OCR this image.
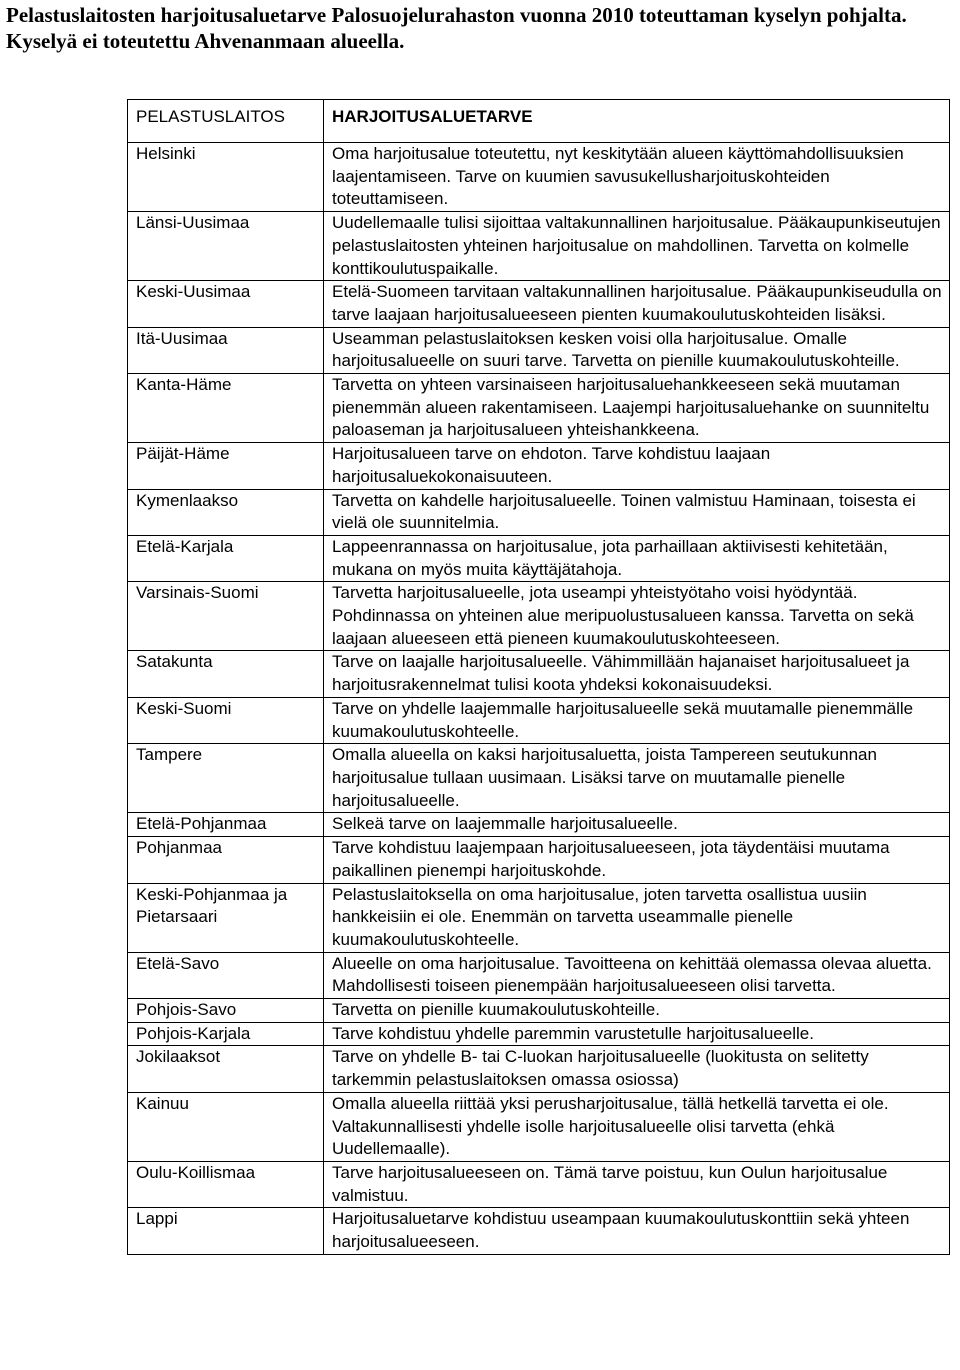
Pelastuslaitosten harjoitusaluetarve Palosuojelurahaston vuonna 2010 toteuttaman kyselyn pohjalta. Kyselyä ei toteutettu Ahvenanmaan alueella.
PELASTUSLAITOS	HARJOITUSALUETARVE
Helsinki	Oma harjoitusalue toteutettu, nyt keskitytään alueen käyttömahdollisuuksien laajentamiseen. Tarve on kuumien savusukellusharjoituskohteiden toteuttamiseen.
Länsi-Uusimaa	Uudellemaalle tulisi sijoittaa valtakunnallinen harjoitusalue. Pääkaupunkiseutujen pelastuslaitosten yhteinen harjoitusalue on mahdollinen. Tarvetta on kolmelle konttikoulutuspaikalle.
Keski-Uusimaa	Etelä-Suomeen tarvitaan valtakunnallinen harjoitusalue. Pääkaupunkiseudulla on tarve laajaan harjoitusalueeseen pienten kuumakoulutuskohteiden lisäksi.
Itä-Uusimaa	Useamman pelastuslaitoksen kesken voisi olla harjoitusalue. Omalle harjoitusalueelle on suuri tarve. Tarvetta on pienille kuumakoulutuskohteille.
Kanta-Häme	Tarvetta on yhteen varsinaiseen harjoitusaluehankkeeseen sekä muutaman pienemmän alueen rakentamiseen. Laajempi harjoitusaluehanke on suunniteltu paloaseman ja harjoitusalueen yhteishankkeena.
Päijät-Häme	Harjoitusalueen tarve on ehdoton. Tarve kohdistuu laajaan harjoitusaluekokonaisuuteen.
Kymenlaakso	Tarvetta on kahdelle harjoitusalueelle. Toinen valmistuu Haminaan, toisesta ei vielä ole suunnitelmia.
Etelä-Karjala	Lappeenrannassa on harjoitusalue, jota parhaillaan aktiivisesti kehitetään, mukana on myös muita käyttäjätahoja.
Varsinais-Suomi	Tarvetta harjoitusalueelle, jota useampi yhteistyötaho voisi hyödyntää. Pohdinnassa on yhteinen alue meripuolustusalueen kanssa. Tarvetta on sekä laajaan alueeseen että pieneen kuumakoulutuskohteeseen.
Satakunta	Tarve on laajalle harjoitusalueelle. Vähimmillään hajanaiset harjoitusalueet ja harjoitusrakennelmat tulisi koota yhdeksi kokonaisuudeksi.
Keski-Suomi	Tarve on yhdelle laajemmalle harjoitusalueelle sekä muutamalle pienemmälle kuumakoulutuskohteelle.
Tampere	Omalla alueella on kaksi harjoitusaluetta, joista Tampereen seutukunnan harjoitusalue tullaan uusimaan. Lisäksi tarve on muutamalle pienelle harjoitusalueelle.
Etelä-Pohjanmaa	Selkeä tarve on laajemmalle harjoitusalueelle.
Pohjanmaa	Tarve kohdistuu laajempaan harjoitusalueeseen, jota täydentäisi muutama paikallinen pienempi harjoituskohde.
Keski-Pohjanmaa ja Pietarsaari	Pelastuslaitoksella on oma harjoitusalue, joten tarvetta osallistua uusiin hankkeisiin ei ole. Enemmän on tarvetta useammalle pienelle kuumakoulutuskohteelle.
Etelä-Savo	Alueelle on oma harjoitusalue. Tavoitteena on kehittää olemassa olevaa aluetta. Mahdollisesti toiseen pienempään harjoitusalueeseen olisi tarvetta.
Pohjois-Savo	Tarvetta on pienille kuumakoulutuskohteille.
Pohjois-Karjala	Tarve kohdistuu yhdelle paremmin varustetulle harjoitusalueelle.
Jokilaaksot	Tarve on yhdelle B- tai C-luokan harjoitusalueelle (luokitusta on selitetty tarkemmin pelastuslaitoksen omassa osiossa)
Kainuu	Omalla alueella riittää yksi perusharjoitusalue, tällä hetkellä tarvetta ei ole. Valtakunnallisesti yhdelle isolle harjoitusalueelle olisi tarvetta (ehkä Uudellemaalle).
Oulu-Koillismaa	Tarve harjoitusalueeseen on. Tämä tarve poistuu, kun Oulun harjoitusalue valmistuu.
Lappi	Harjoitusaluetarve kohdistuu useampaan kuumakoulutuskonttiin sekä yhteen harjoitusalueeseen.
